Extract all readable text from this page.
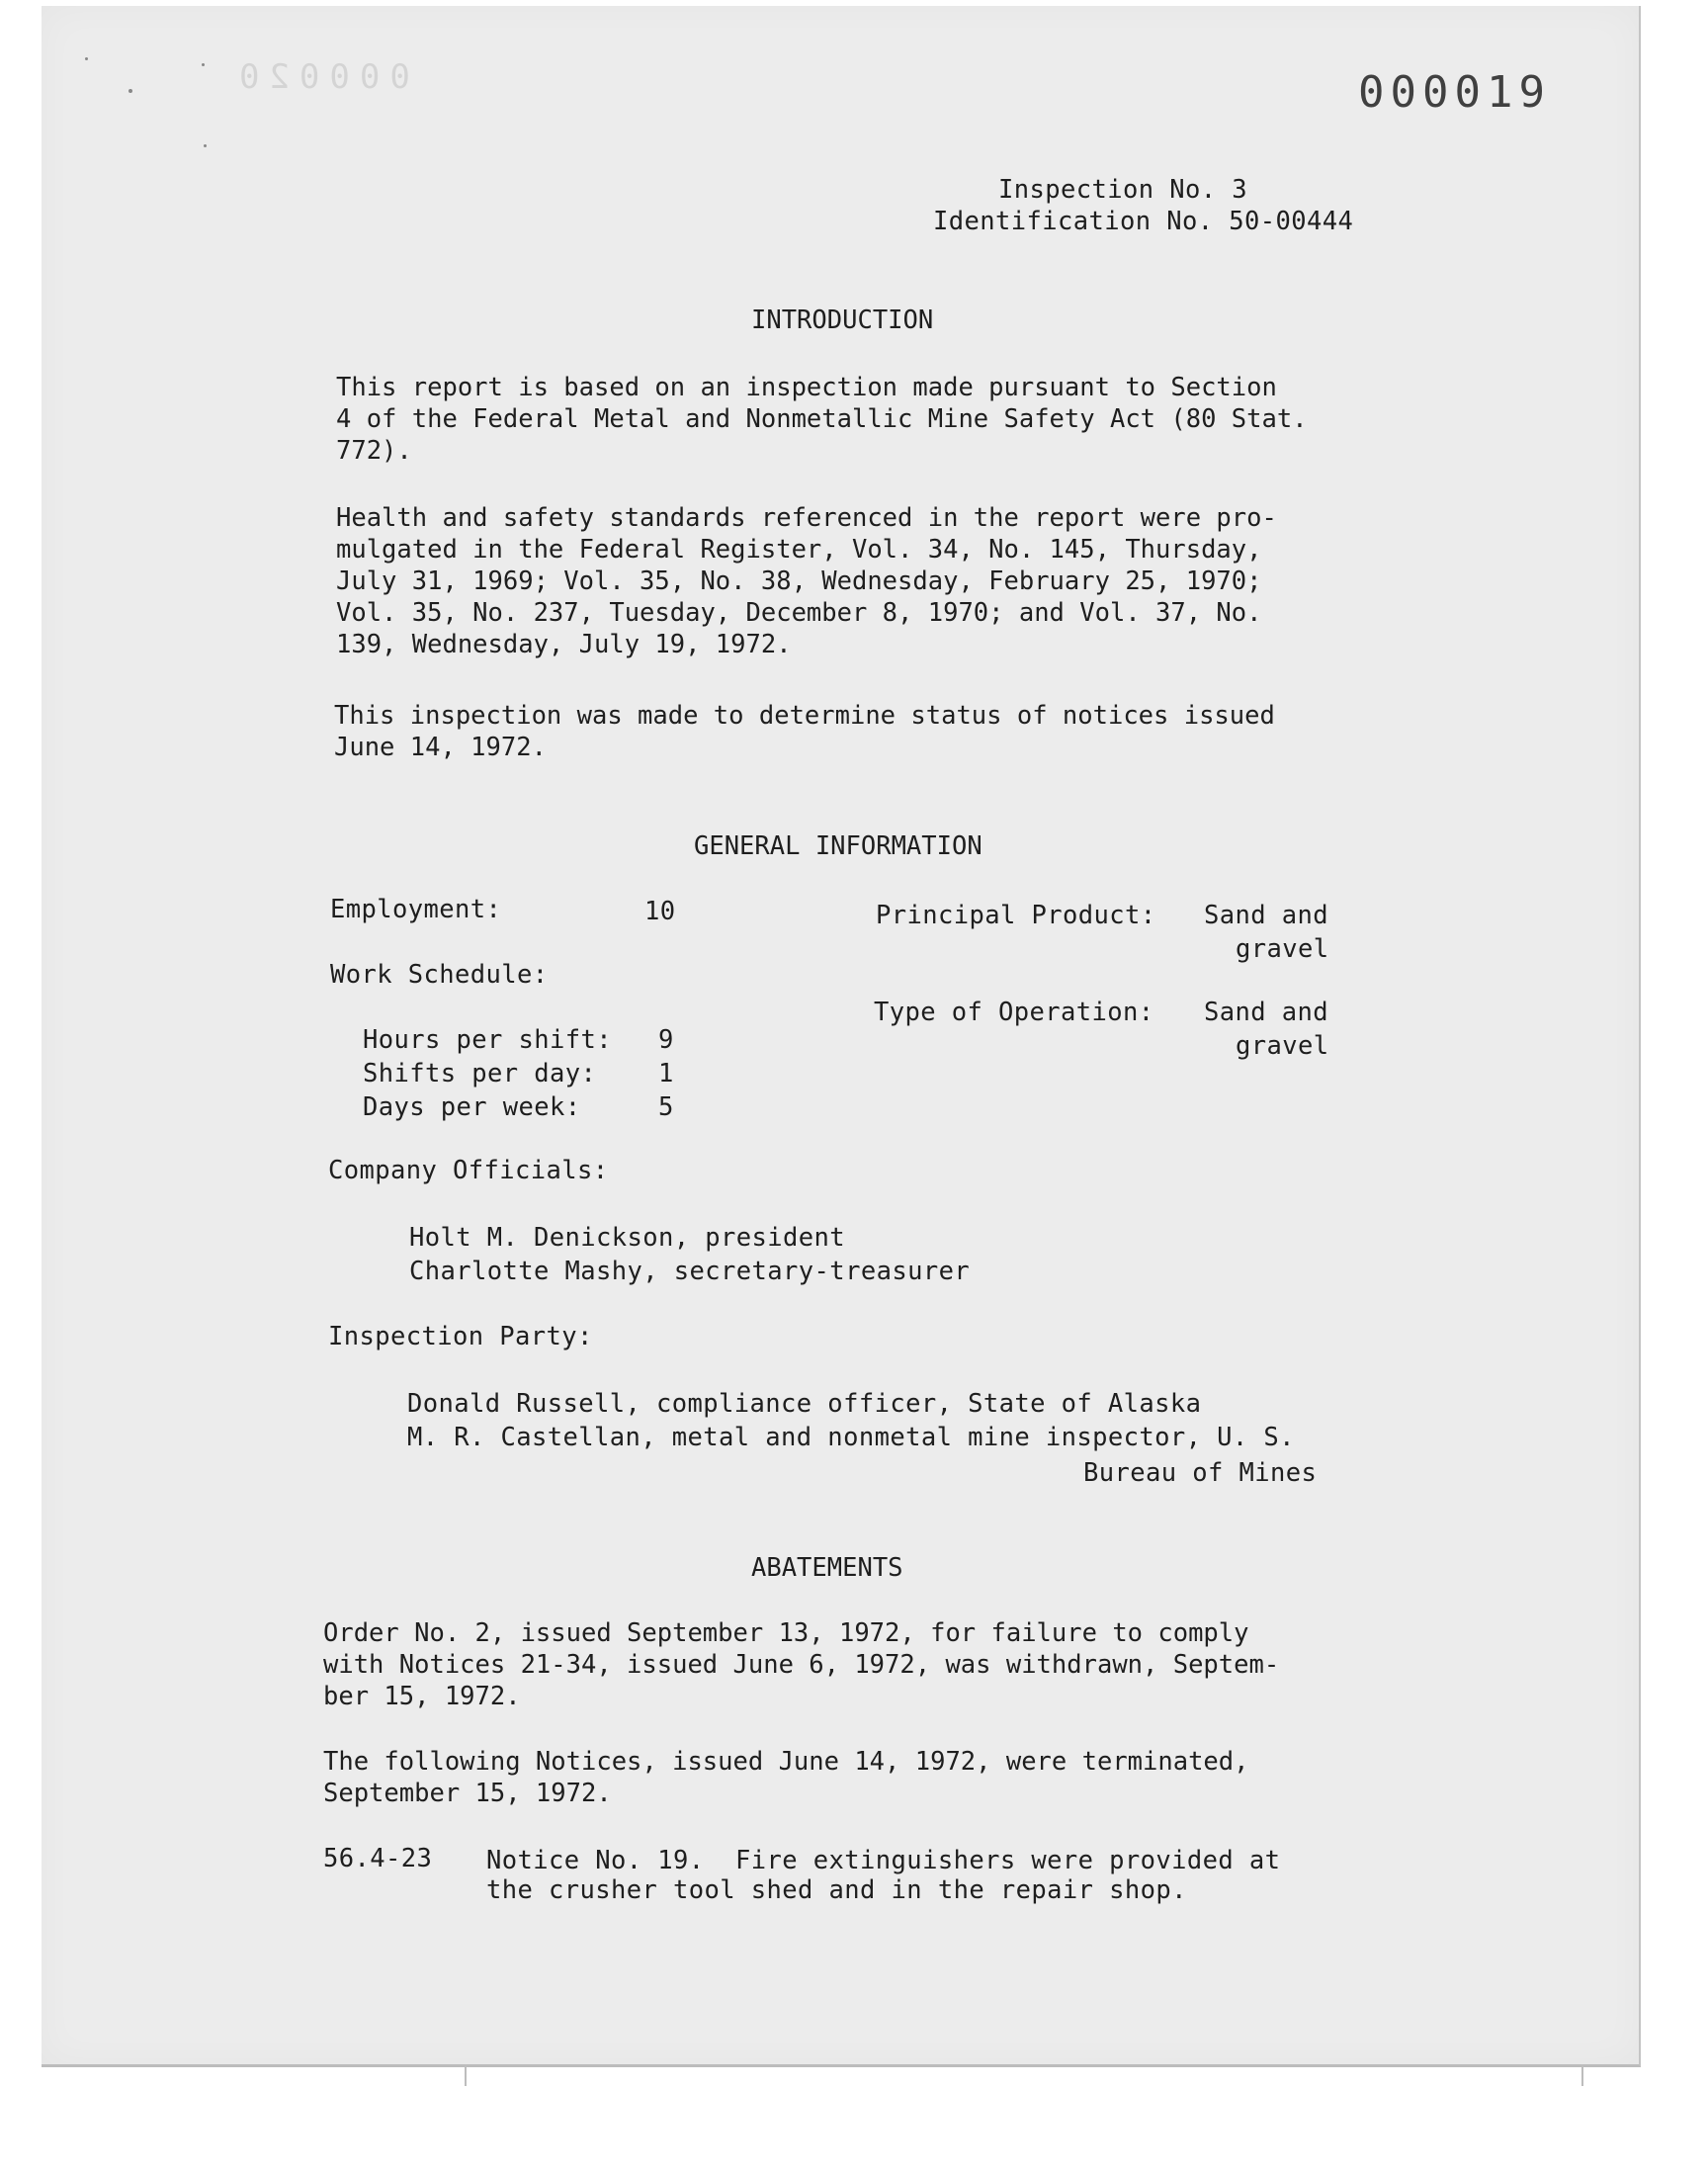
000020	000019
Inspection No. 3
Identification No. 50-00444
INTRODUCTION
This report is based on an inspection made pursuant to Section
4 of the Federal Metal and Nonmetallic Mine Safety Act (80 Stat.
772).
Health and safety standards referenced in the report were pro-
mulgated in the Federal Register, Vol. 34, No. 145, Thursday,
July 31, 1969; Vol. 35, No. 38, Wednesday, February 25, 1970;
Vol. 35, No. 237, Tuesday, December 8, 1970; and Vol. 37, No.
139, Wednesday, July 19, 1972.
This inspection was made to determine status of notices issued
June 14, 1972.
GENERAL INFORMATION
Employment:	10
Work Schedule:
Hours per shift: 9
Shifts per day: 1
Days per week:	5
Principal Product: Sand and
gravel
Type of Operation: Sand and
gravel
Company Officials:
Holt M. Denickson, president
Charlotte Mashy, secretary-treasurer
Inspection Party:
Donald Russell, compliance officer, State of Alaska
M. R. Castellan, metal and nonmetal mine inspector, U. S.
Bureau of Mines
ABATEMENTS
Order No. 2, issued September 13, 1972, for failure to comply
with Notices 21-34, issued June 6, 1972, was withdrawn, Septem-
ber 15, 1972.
The following Notices, issued June 14, 1972, were terminated,
September 15, 1972.
56.4-23 Notice No. 19.  Fire extinguishers were provided at
the crusher tool shed and in the repair shop.
